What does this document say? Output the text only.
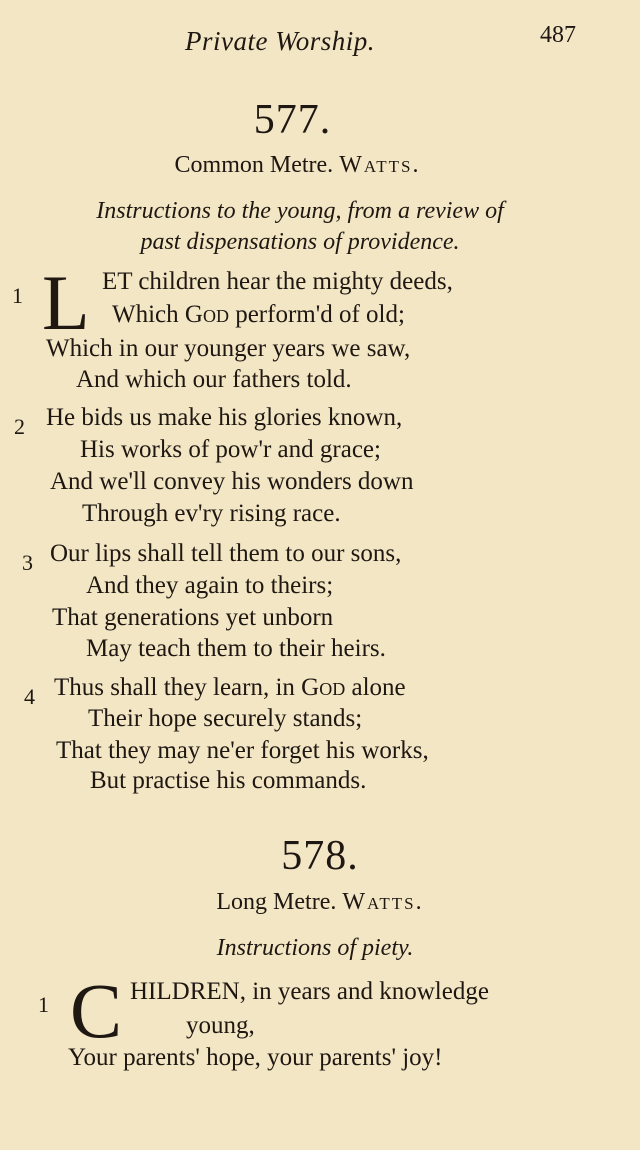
Private Worship.	487
577.
Common Metre. Watts.
Instructions to the young, from a review of
past dispensations of providence.
1 L ET children hear the mighty deeds,
Which God perform'd of old;
Which in our younger years we saw,
And which our fathers told.
2 He bids us make his glories known,
His works of pow'r and grace;
And we'll convey his wonders down
Through ev'ry rising race.
3 Our lips shall tell them to our sons,
And they again to theirs;
That generations yet unborn
May teach them to their heirs.
4 Thus shall they learn, in God alone
Their hope securely stands;
That they may ne'er forget his works,
But practise his commands.
578.
Long Metre. Watts.
Instructions of piety.
1 C HILDREN, in years and knowledge
young,
Your parents' hope, your parents' joy!
